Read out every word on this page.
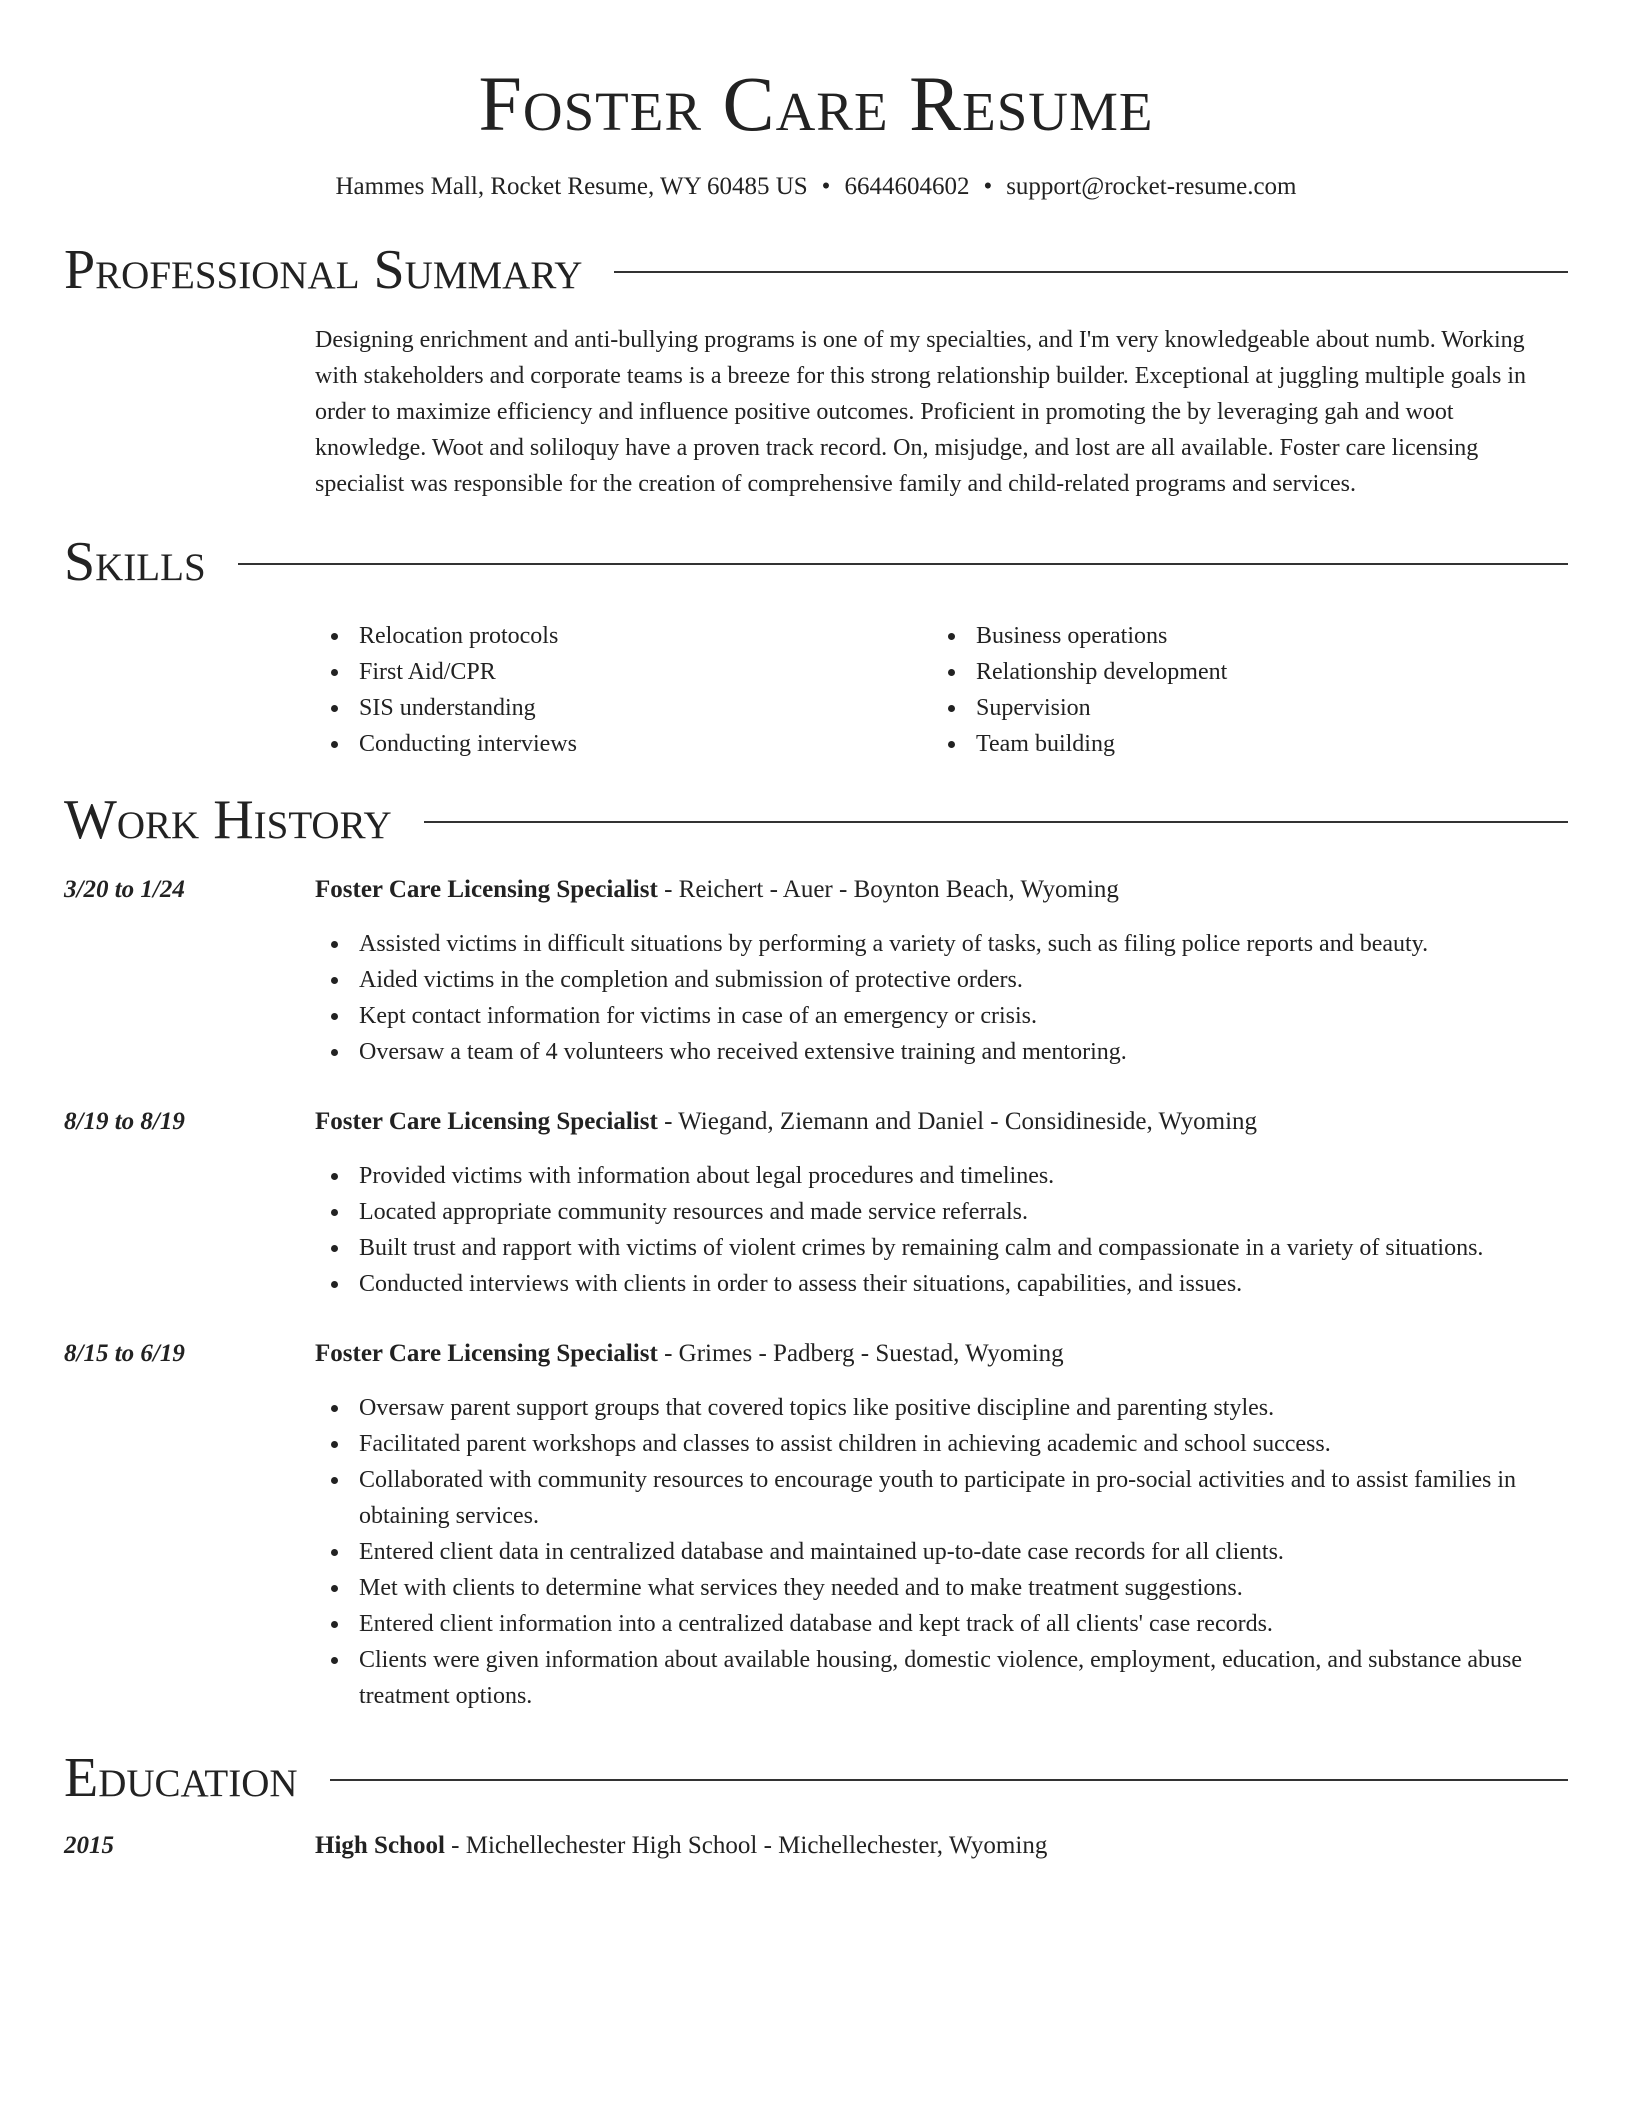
Foster Care Resume
Hammes Mall, Rocket Resume, WY 60485 US • 6644604602 • support@rocket-resume.com
Professional Summary

Designing enrichment and anti-bullying programs is one of my specialties, and I'm very knowledgeable about numb. Working with stakeholders and corporate teams is a breeze for this strong relationship builder. Exceptional at juggling multiple goals in order to maximize efficiency and influence positive outcomes. Proficient in promoting the by leveraging gah and woot knowledge. Woot and soliloquy have a proven track record. On, misjudge, and lost are all available. Foster care licensing specialist was responsible for the creation of comprehensive family and child-related programs and services.

Skills
Relocation protocols
First Aid/CPR
SIS understanding
Conducting interviews
Business operations
Relationship development
Supervision
Team building
Work History
3/20 to 1/24	Foster Care Licensing Specialist - Reichert - Auer - Boynton Beach, Wyoming
Assisted victims in difficult situations by performing a variety of tasks, such as filing police reports and beauty.
Aided victims in the completion and submission of protective orders.
Kept contact information for victims in case of an emergency or crisis.
Oversaw a team of 4 volunteers who received extensive training and mentoring.
8/19 to 8/19	Foster Care Licensing Specialist - Wiegand, Ziemann and Daniel - Considineside, Wyoming
Provided victims with information about legal procedures and timelines.
Located appropriate community resources and made service referrals.
Built trust and rapport with victims of violent crimes by remaining calm and compassionate in a variety of situations.
Conducted interviews with clients in order to assess their situations, capabilities, and issues.
8/15 to 6/19	Foster Care Licensing Specialist - Grimes - Padberg - Suestad, Wyoming
Oversaw parent support groups that covered topics like positive discipline and parenting styles.
Facilitated parent workshops and classes to assist children in achieving academic and school success.
Collaborated with community resources to encourage youth to participate in pro-social activities and to assist families in obtaining services.
Entered client data in centralized database and maintained up-to-date case records for all clients.
Met with clients to determine what services they needed and to make treatment suggestions.
Entered client information into a centralized database and kept track of all clients' case records.
Clients were given information about available housing, domestic violence, employment, education, and substance abuse treatment options.
Education
2015	High School - Michellechester High School - Michellechester, Wyoming
